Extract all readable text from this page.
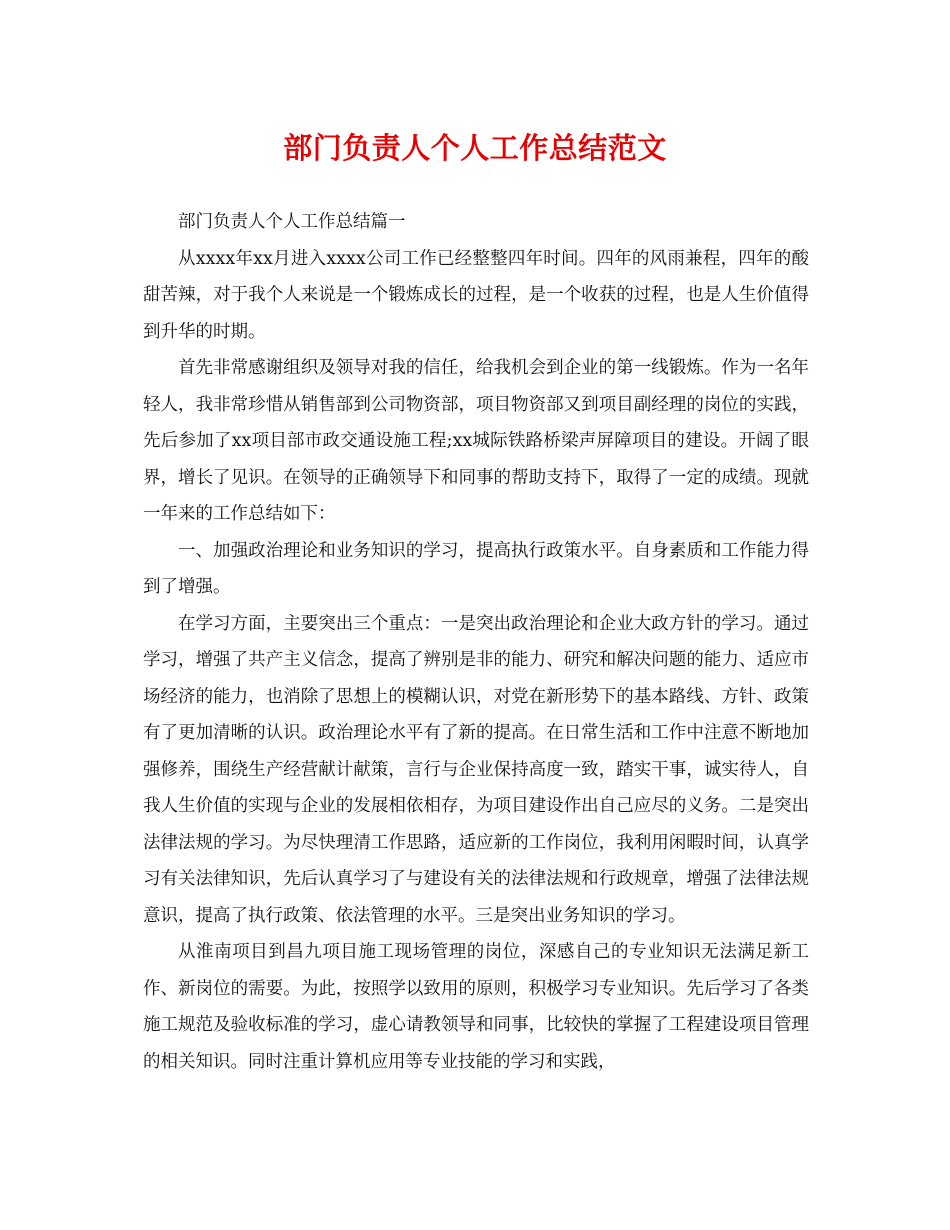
部门负责人个人工作总结范文

部门负责人个人工作总结篇一

从xxxx年xx月进入xxxx公司工作已经整整四年时间。四年的风雨兼程，四年的酸甜苦辣，对于我个人来说是一个锻炼成长的过程，是一个收获的过程，也是人生价值得到升华的时期。

首先非常感谢组织及领导对我的信任，给我机会到企业的第一线锻炼。作为一名年轻人，我非常珍惜从销售部到公司物资部，项目物资部又到项目副经理的岗位的实践，先后参加了xx项目部市政交通设施工程;xx城际铁路桥梁声屏障项目的建设。开阔了眼界，增长了见识。在领导的正确领导下和同事的帮助支持下，取得了一定的成绩。现就一年来的工作总结如下：

一、加强政治理论和业务知识的学习，提高执行政策水平。自身素质和工作能力得到了增强。

在学习方面，主要突出三个重点：一是突出政治理论和企业大政方针的学习。通过学习，增强了共产主义信念，提高了辨别是非的能力、研究和解决问题的能力、适应市场经济的能力，也消除了思想上的模糊认识，对党在新形势下的基本路线、方针、政策有了更加清晰的认识。政治理论水平有了新的提高。在日常生活和工作中注意不断地加强修养，围绕生产经营献计献策，言行与企业保持高度一致，踏实干事，诚实待人，自我人生价值的实现与企业的发展相依相存，为项目建设作出自己应尽的义务。二是突出法律法规的学习。为尽快理清工作思路，适应新的工作岗位，我利用闲暇时间，认真学习有关法律知识，先后认真学习了与建设有关的法律法规和行政规章，增强了法律法规意识，提高了执行政策、依法管理的水平。三是突出业务知识的学习。

从淮南项目到昌九项目施工现场管理的岗位，深感自己的专业知识无法满足新工作、新岗位的需要。为此，按照学以致用的原则，积极学习专业知识。先后学习了各类施工规范及验收标准的学习，虚心请教领导和同事，比较快的掌握了工程建设项目管理的相关知识。同时注重计算机应用等专业技能的学习和实践，
